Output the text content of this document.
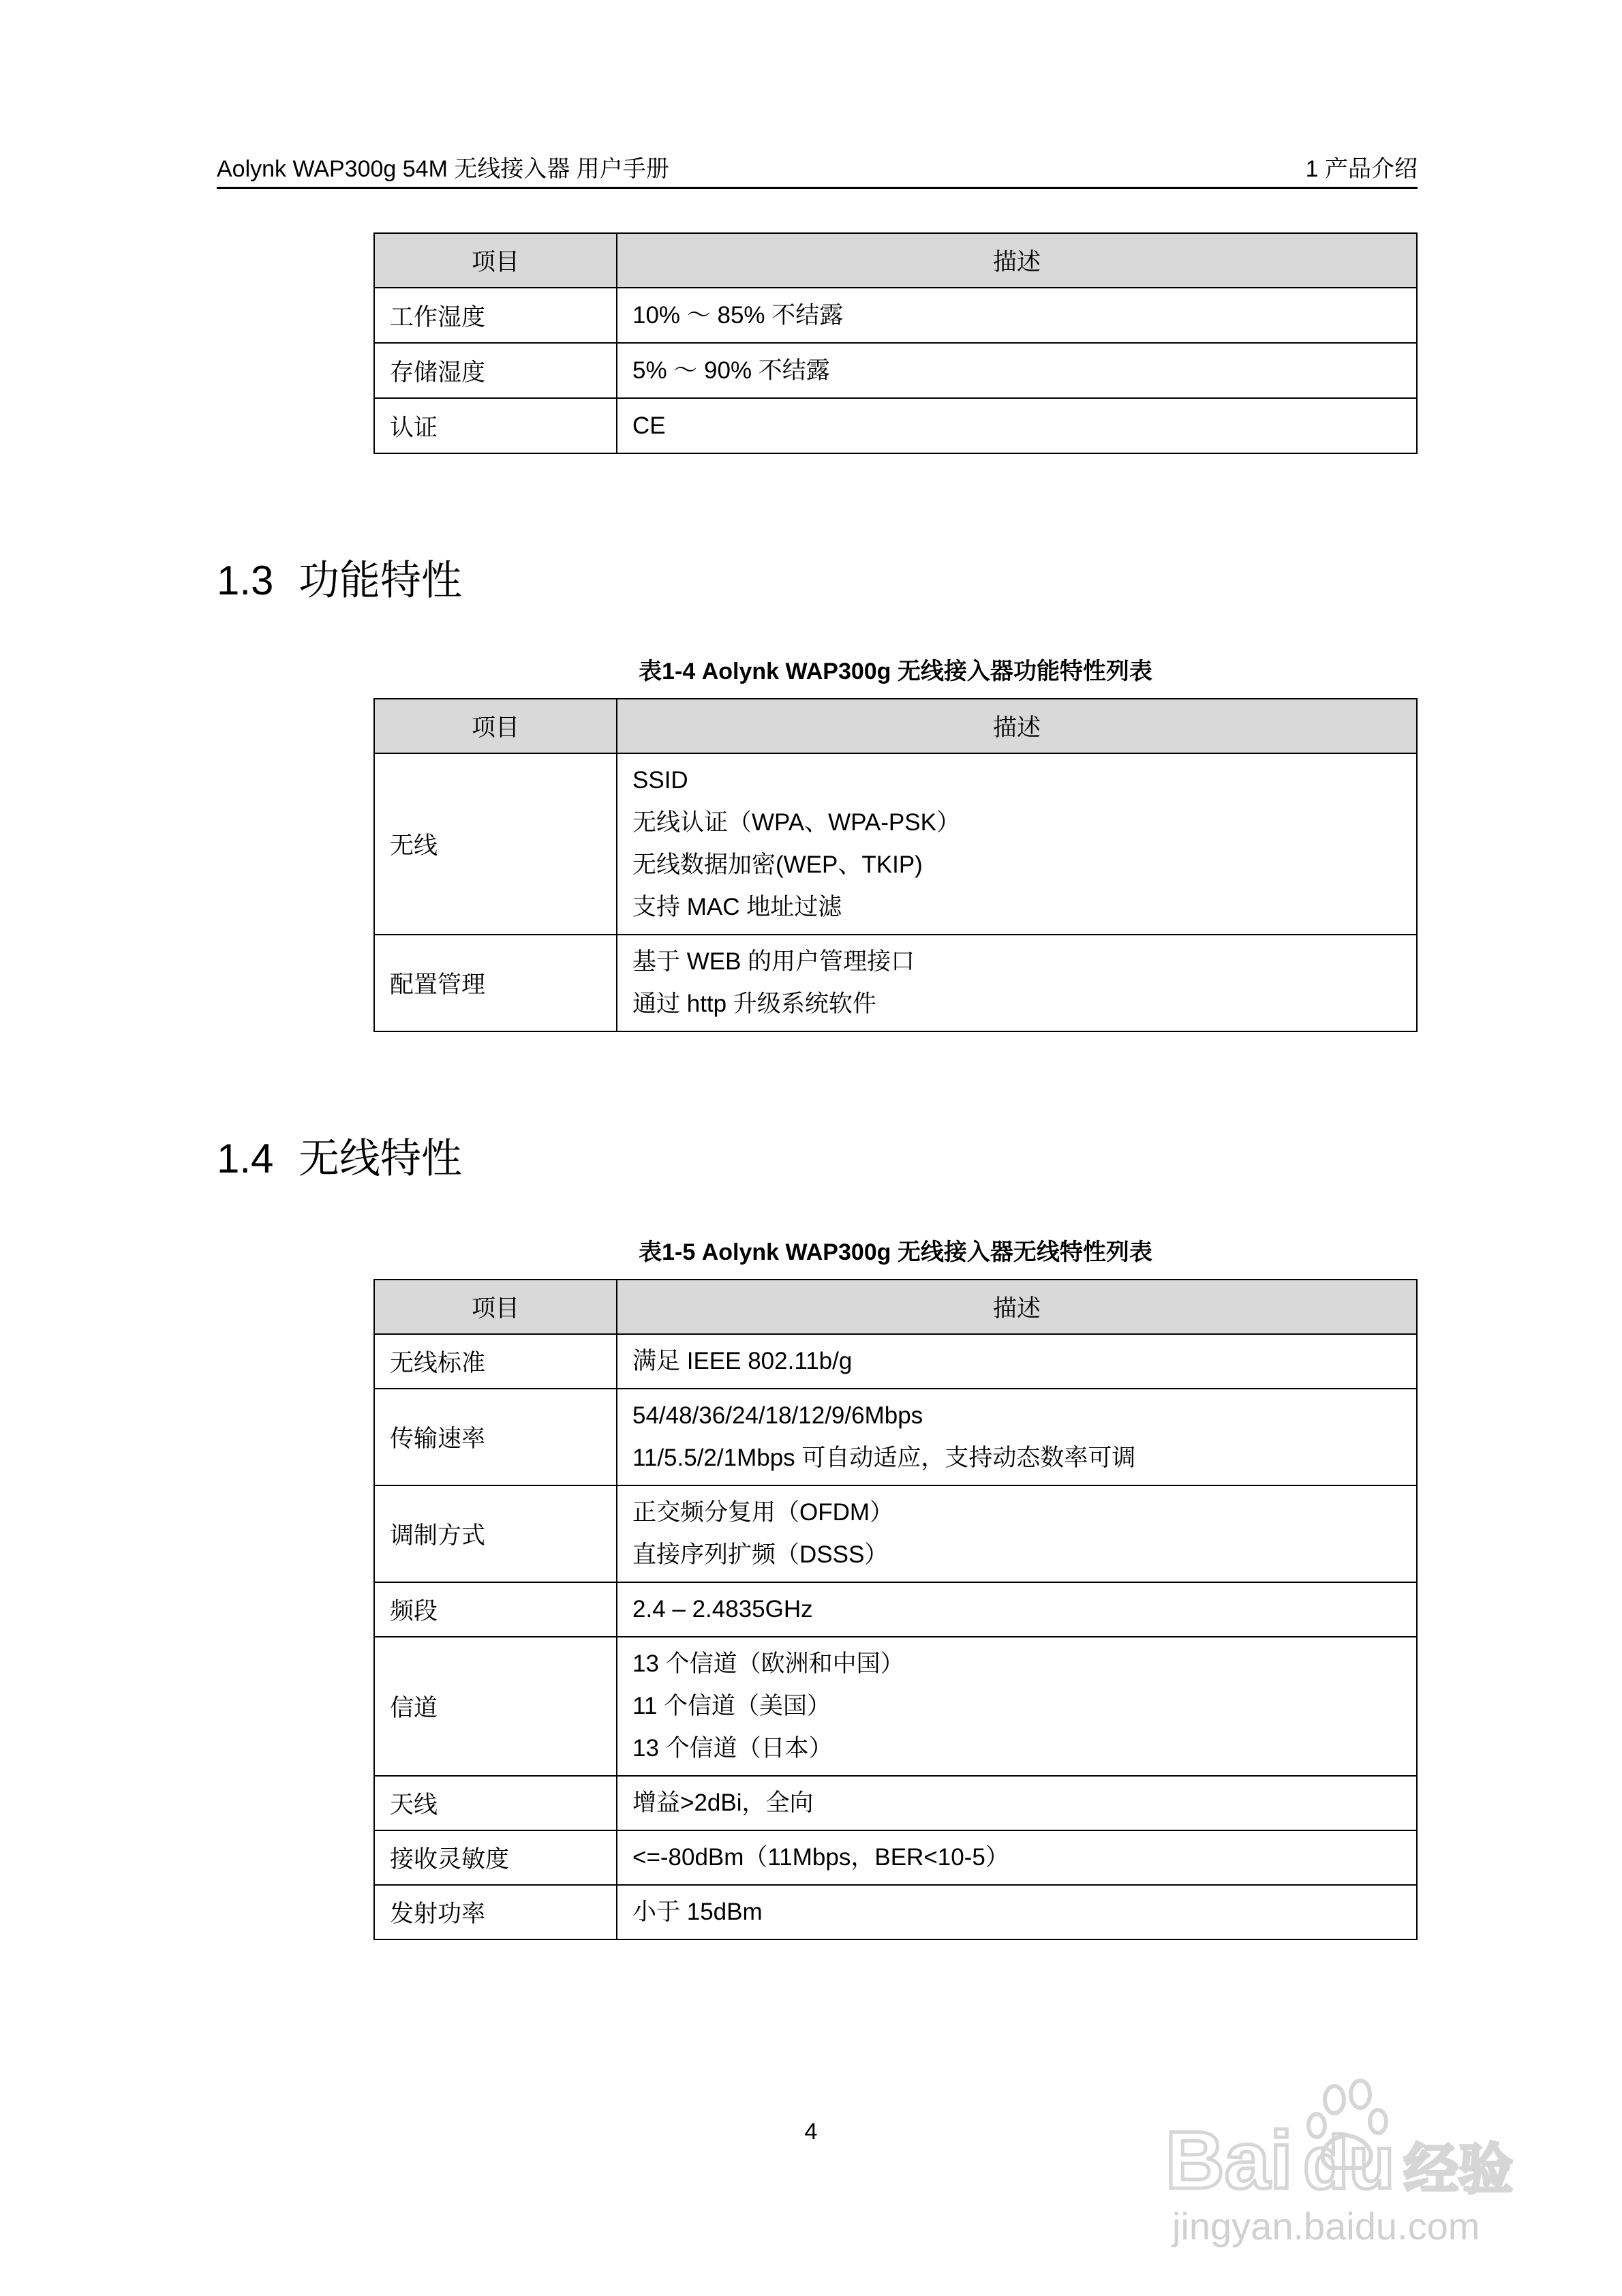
Aolynk WAP300g 54M 无线接入器 用户手册	1 产品介绍
项目	描述
工作湿度	10% ～ 85% 不结露

存储湿度	5% ～ 90% 不结露

认证	CE
1.3 功能特性
表1-4 Aolynk WAP300g 无线接入器功能特性列表
项目	描述
无线	SSID
无线认证（WPA、WPA-PSK）
无线数据加密(WEP、TKIP)
支持 MAC 地址过滤

配置管理	基于 WEB 的用户管理接口
通过 http 升级系统软件
1.4 无线特性
表1-5 Aolynk WAP300g 无线接入器无线特性列表
项目	描述
无线标准	满足 IEEE 802.11b/g

传输速率	54/48/36/24/18/12/9/6Mbps
11/5.5/2/1Mbps 可自动适应，支持动态数率可调

调制方式	正交频分复用（OFDM）
直接序列扩频（DSSS）

频段	2.4 – 2.4835GHz

信道	13 个信道（欧洲和中国）
11 个信道（美国）
13 个信道（日本）

天线	增益>2dBi，全向

接收灵敏度	<=-80dBm（11Mbps，BER<10-5）

发射功率	小于 15dBm
4	Bai du 经验
jingyan.baidu.com
